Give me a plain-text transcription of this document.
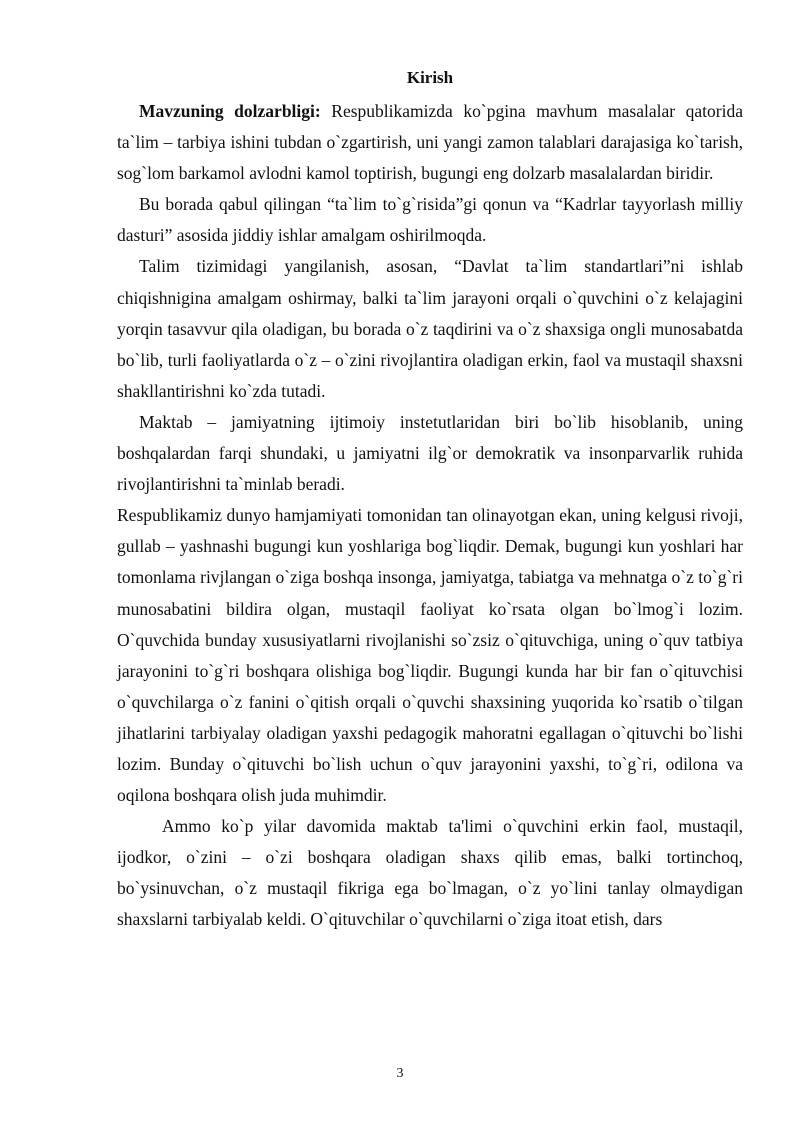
Kirish

Mavzuning dolzarbligi: Respublikamizda ko`pgina mavhum masalalar qatorida ta`lim – tarbiya ishini tubdan o`zgartirish, uni yangi zamon talablari darajasiga ko`tarish, sog`lom barkamol avlodni kamol toptirish, bugungi eng dolzarb masalalardan biridir.

Bu borada qabul qilingan “ta`lim to`g`risida”gi qonun va “Kadrlar tayyorlash milliy dasturi” asosida jiddiy ishlar amalgam oshirilmoqda.

Talim tizimidagi yangilanish, asosan, “Davlat ta`lim standartlari”ni ishlab chiqishnigina amalgam oshirmay, balki ta`lim jarayoni orqali o`quvchini o`z kelajagini yorqin tasavvur qila oladigan, bu borada o`z taqdirini va o`z shaxsiga ongli munosabatda bo`lib, turli faoliyatlarda o`z – o`zini rivojlantira oladigan erkin, faol va mustaqil shaxsni shakllantirishni ko`zda tutadi.

Maktab – jamiyatning ijtimoiy instetutlaridan biri bo`lib hisoblanib, uning boshqalardan farqi shundaki, u jamiyatni ilg`or demokratik va insonparvarlik ruhida rivojlantirishni ta`minlab beradi.

Respublikamiz dunyo hamjamiyati tomonidan tan olinayotgan ekan, uning kelgusi rivoji, gullab – yashnashi bugungi kun yoshlariga bog`liqdir. Demak, bugungi kun yoshlari har tomonlama rivjlangan o`ziga boshqa insonga, jamiyatga, tabiatga va mehnatga o`z to`g`ri munosabatini bildira olgan, mustaqil faoliyat ko`rsata olgan bo`lmog`i lozim. O`quvchida bunday xususiyatlarni rivojlanishi so`zsiz o`qituvchiga, uning o`quv tatbiya jarayonini to`g`ri boshqara olishiga bog`liqdir. Bugungi kunda har bir fan o`qituvchisi o`quvchilarga o`z fanini o`qitish orqali o`quvchi shaxsining yuqorida ko`rsatib o`tilgan jihatlarini tarbiyalay oladigan yaxshi pedagogik mahoratni egallagan o`qituvchi bo`lishi lozim. Bunday o`qituvchi bo`lish uchun o`quv jarayonini yaxshi, to`g`ri, odilona va oqilona boshqara olish juda muhimdir.

Ammo ko`p yilar davomida maktab ta'limi o`quvchini erkin faol, mustaqil, ijodkor, o`zini – o`zi boshqara oladigan shaxs qilib emas, balki tortinchoq, bo`ysinuvchan, o`z mustaqil fikriga ega bo`lmagan, o`z yo`lini tanlay olmaydigan shaxslarni tarbiyalab keldi. O`qituvchilar o`quvchilarni o`ziga itoat etish, dars

3
